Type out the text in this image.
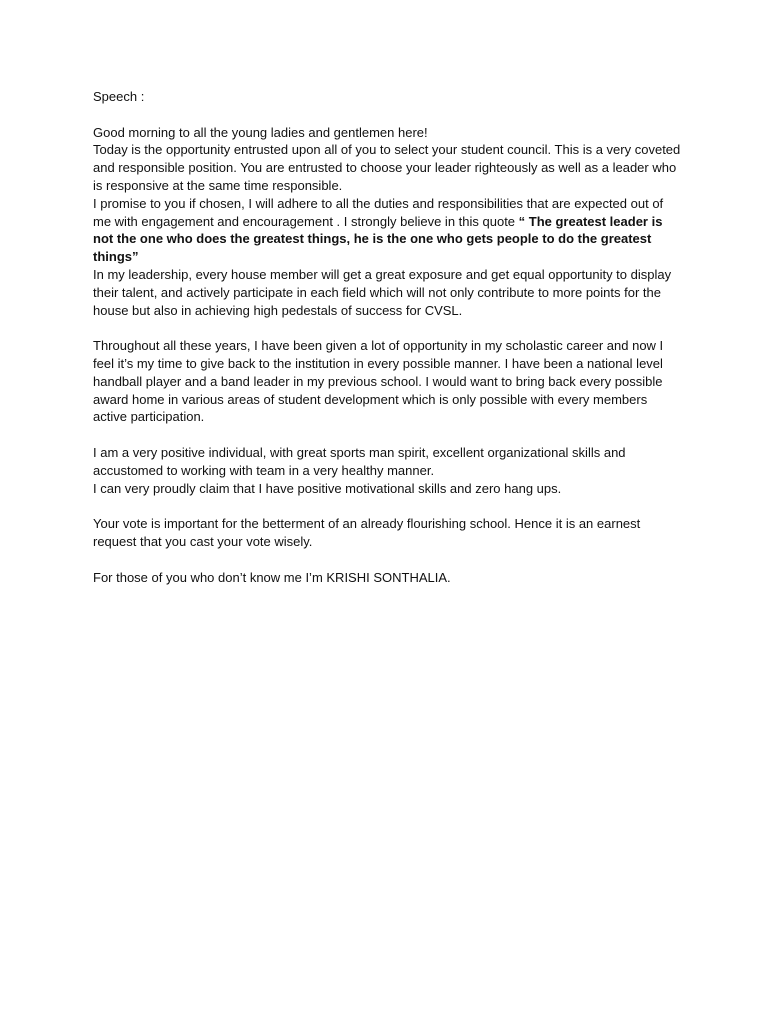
Speech :

Good morning to all the young ladies and gentlemen here!

Today is the opportunity entrusted upon all of you to select your student council. This is a very coveted and responsible position. You are entrusted to choose your leader righteously as well as a leader who is responsive at the same time responsible.

I promise to you if chosen, I will adhere to all the duties and responsibilities that are expected out of me with engagement and encouragement . I strongly believe in this quote “ The greatest leader is not the one who does the greatest things, he is the one who gets people to do the greatest things”

In my leadership, every house member will get a great exposure and get equal opportunity to display their talent, and actively participate in each field which will not only contribute to more points for the house but also in achieving high pedestals of success for CVSL.

Throughout all these years, I have been given a lot of opportunity in my scholastic career and now I feel it’s my time to give back to the institution in every possible manner. I have been a national level handball player and a band leader in my previous school. I would want to bring back every possible award home in various areas of student development which is only possible with every members active participation.

I am a very positive individual, with great sports man spirit, excellent organizational skills and accustomed to working with team in a very healthy manner.

I can very proudly claim that I have positive motivational skills and zero hang ups.

Your vote is important for the betterment of an already flourishing school. Hence it is an earnest request that you cast your vote wisely.

For those of you who don’t know me I’m KRISHI SONTHALIA.
